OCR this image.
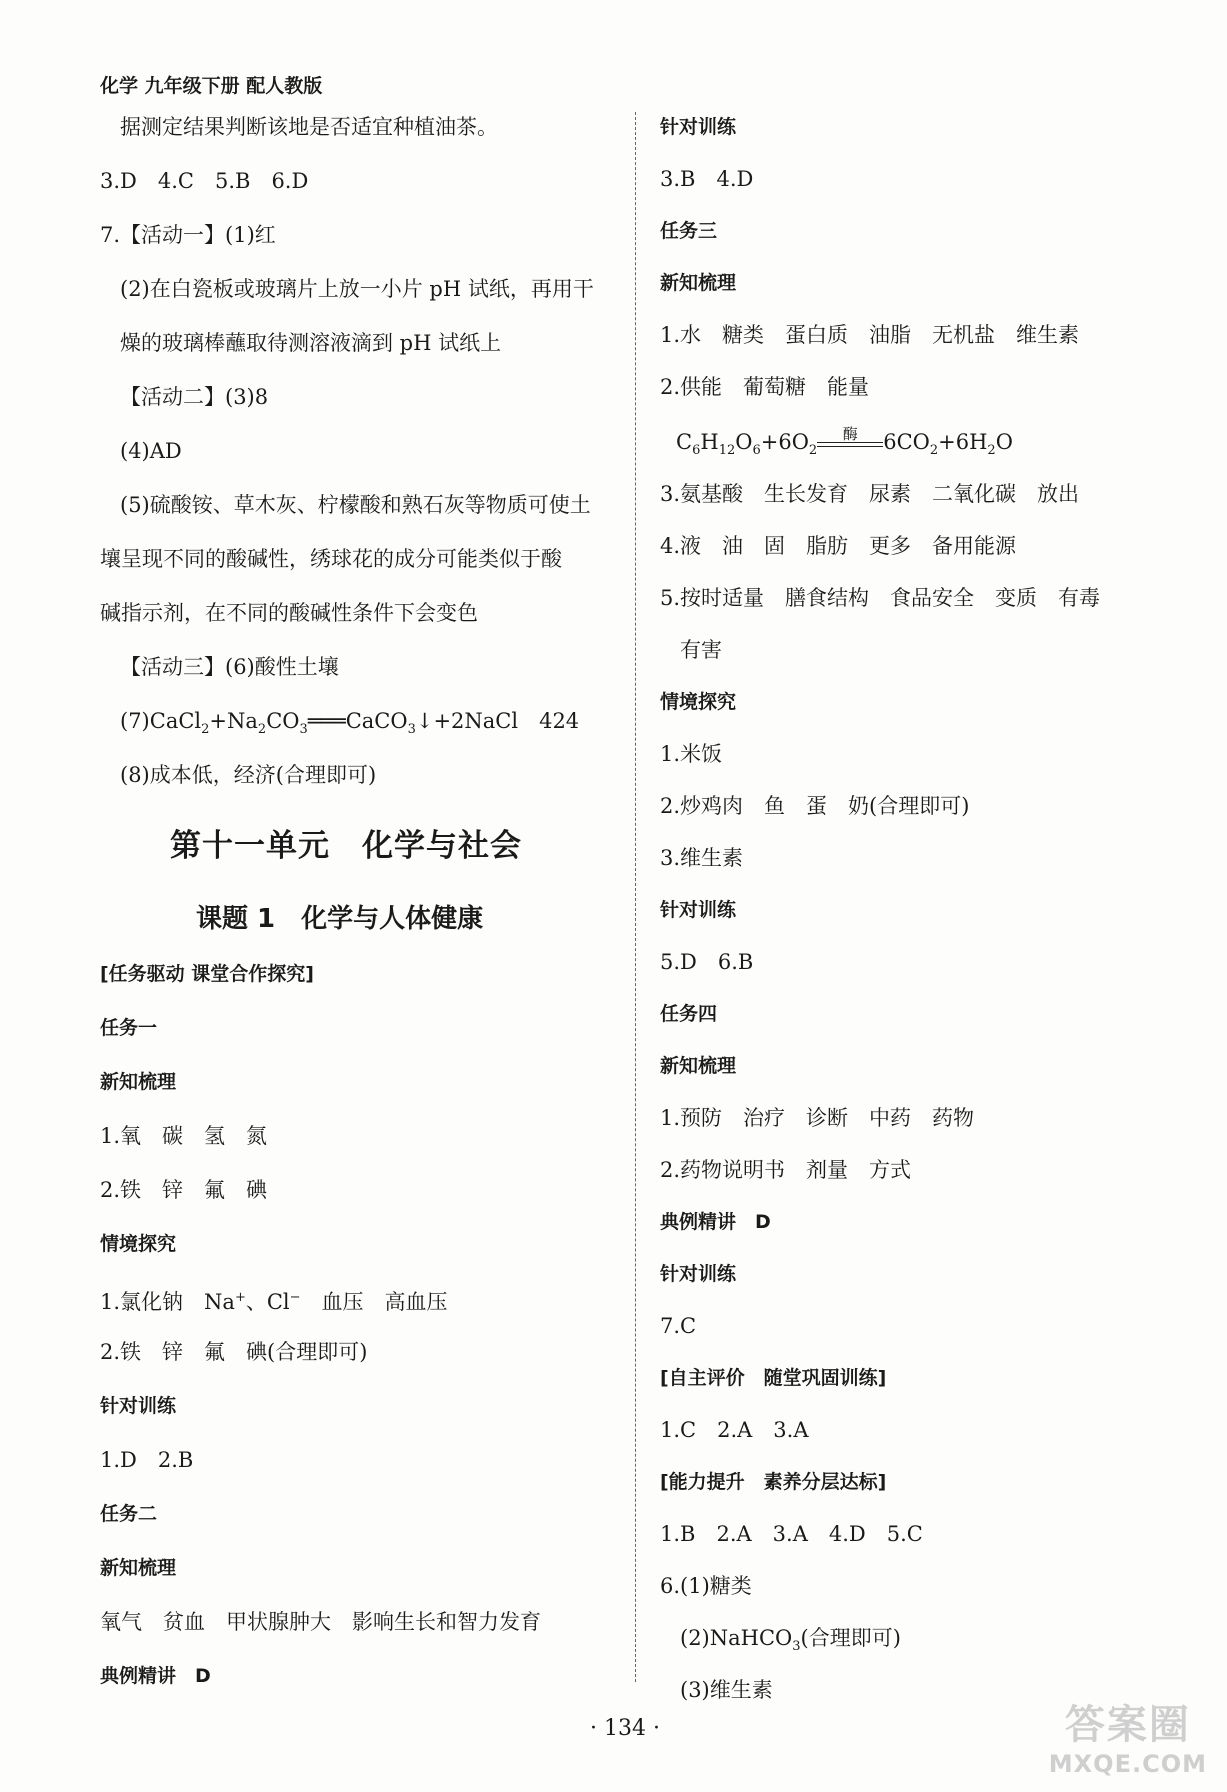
化学 九年级下册 配人教版
据测定结果判断该地是否适宜种植油茶。
3.D　4.C　5.B　6.D
7.【活动一】(1)红
(2)在白瓷板或玻璃片上放一小片 pH 试纸，再用干
燥的玻璃棒蘸取待测溶液滴到 pH 试纸上
【活动二】(3)8
(4)AD
(5)硫酸铵、草木灰、柠檬酸和熟石灰等物质可使土
壤呈现不同的酸碱性，绣球花的成分可能类似于酸
碱指示剂，在不同的酸碱性条件下会变色
【活动三】(6)酸性土壤
$(7)CaCl_2+Na_2CO_3═══CaCO_3↓+2NaCl$　424
(8)成本低，经济(合理即可)
第十一单元　化学与社会
课题 1　化学与人体健康
[任务驱动 课堂合作探究]
任务一
新知梳理
1.氧　碳　氢　氮
2.铁　锌　氟　碘
情境探究
1.氯化钠　Na+、Cl−　血压　高血压
2.铁　锌　氟　碘(合理即可)
针对训练
1.D　2.B
任务二
新知梳理
氧气　贫血　甲状腺肿大　影响生长和智力发育
典例精讲　D
针对训练
3.B　4.D
任务三
新知梳理
1.水　糖类　蛋白质　油脂　无机盐　维生素
2.供能　葡萄糖　能量
$C_6H_{12}O_6+6O_2$
酶	$6CO_2+6H_2O$
3.氨基酸　生长发育　尿素　二氧化碳　放出
4.液　油　固　脂肪　更多　备用能源
5.按时适量　膳食结构　食品安全　变质　有毒
有害
情境探究
1.米饭
2.炒鸡肉　鱼　蛋　奶(合理即可)
3.维生素
针对训练
5.D　6.B
任务四
新知梳理
1.预防　治疗　诊断　中药　药物
2.药物说明书　剂量　方式
典例精讲　D
针对训练
7.C
[自主评价　随堂巩固训练]
1.C　2.A　3.A
[能力提升　素养分层达标]
1.B　2.A　3.A　4.D　5.C
6.(1)糖类
(2)NaHCO$_3$(合理即可)
(3)维生素
· 134 ·	答案圈
MXQE.COM
